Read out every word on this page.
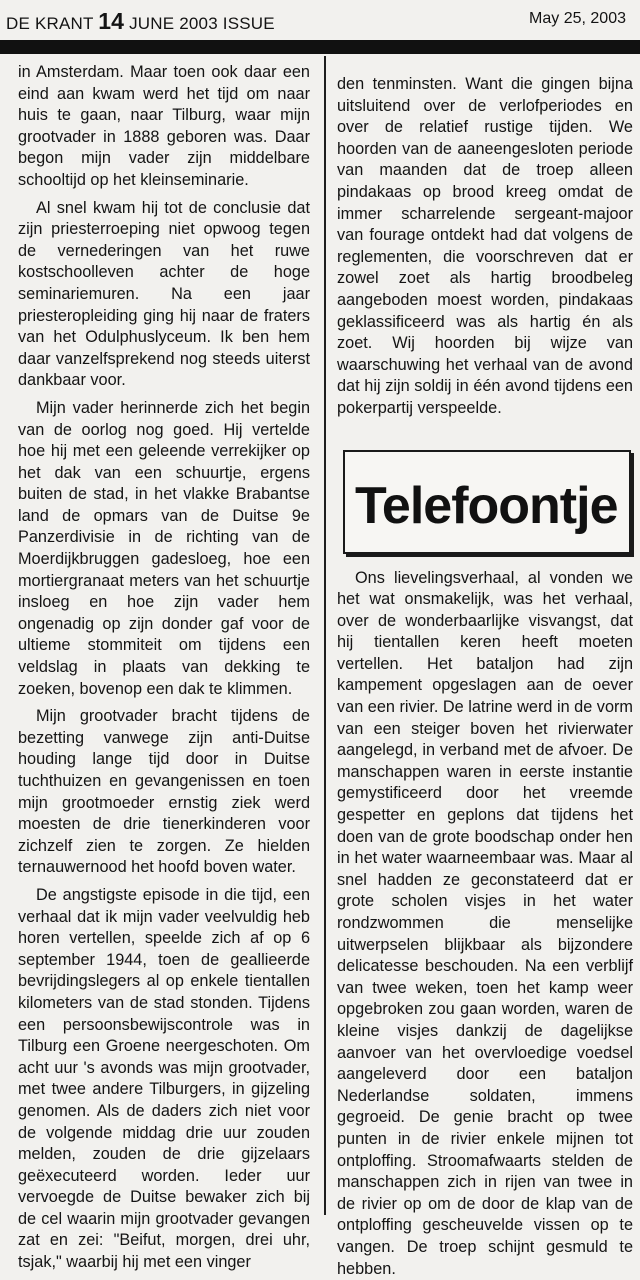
DE KRANT 14 JUNE 2003 ISSUE	May 25, 2003

in Amsterdam. Maar toen ook daar een eind aan kwam werd het tijd om naar huis te gaan, naar Tilburg, waar mijn grootvader in 1888 geboren was. Daar begon mijn vader zijn middelbare schooltijd op het kleinseminarie.

Al snel kwam hij tot de conclusie dat zijn priesterroeping niet opwoog tegen de vernederingen van het ruwe kostschoolleven achter de hoge seminariemuren. Na een jaar priesteropleiding ging hij naar de fraters van het Odulphuslyceum. Ik ben hem daar vanzelfsprekend nog steeds uiterst dankbaar voor.

Mijn vader herinnerde zich het begin van de oorlog nog goed. Hij vertelde hoe hij met een geleende verrekijker op het dak van een schuurtje, ergens buiten de stad, in het vlakke Brabantse land de opmars van de Duitse 9e Panzerdivisie in de richting van de Moerdijkbruggen gadesloeg, hoe een mortiergranaat meters van het schuurtje insloeg en hoe zijn vader hem ongenadig op zijn donder gaf voor de ultieme stommiteit om tijdens een veldslag in plaats van dekking te zoeken, bovenop een dak te klimmen.

Mijn grootvader bracht tijdens de bezetting vanwege zijn anti-Duitse houding lange tijd door in Duitse tuchthuizen en gevangenissen en toen mijn grootmoeder ernstig ziek werd moesten de drie tienerkinderen voor zichzelf zien te zorgen. Ze hielden ternauwernood het hoofd boven water.

De angstigste episode in die tijd, een verhaal dat ik mijn vader veelvuldig heb horen vertellen, speelde zich af op 6 september 1944, toen de geallieerde bevrijdingslegers al op enkele tientallen kilometers van de stad stonden. Tijdens een persoonsbewijscontrole was in Tilburg een Groene neergeschoten. Om acht uur 's avonds was mijn grootvader, met twee andere Tilburgers, in gijzeling genomen. Als de daders zich niet voor de volgende middag drie uur zouden melden, zouden de drie gijzelaars geëxecuteerd worden. Ieder uur vervoegde de Duitse bewaker zich bij de cel waarin mijn grootvader gevangen zat en zei: "Beifut, morgen, drei uhr, tsjak," waarbij hij met een vinger

den tenminsten. Want die gingen bijna uitsluitend over de verlofperiodes en over de relatief rustige tijden. We hoorden van de aaneengesloten periode van maanden dat de troep alleen pindakaas op brood kreeg omdat de immer scharrelende sergeant-majoor van fourage ontdekt had dat volgens de reglementen, die voorschreven dat er zowel zoet als hartig broodbeleg aangeboden moest worden, pindakaas geklassificeerd was als hartig én als zoet. Wij hoorden bij wijze van waarschuwing het verhaal van de avond dat hij zijn soldij in één avond tijdens een pokerpartij verspeelde.

Telefoontje

Ons lievelingsverhaal, al vonden we het wat onsmakelijk, was het verhaal, over de wonderbaarlijke visvangst, dat hij tientallen keren heeft moeten vertellen. Het bataljon had zijn kampement opgeslagen aan de oever van een rivier. De latrine werd in de vorm van een steiger boven het rivierwater aangelegd, in verband met de afvoer. De manschappen waren in eerste instantie gemystificeerd door het vreemde gespetter en geplons dat tijdens het doen van de grote boodschap onder hen in het water waarneembaar was. Maar al snel hadden ze geconstateerd dat er grote scholen visjes in het water rondzwommen die menselijke uitwerpselen blijkbaar als bijzondere delicatesse beschouden. Na een verblijf van twee weken, toen het kamp weer opgebroken zou gaan worden, waren de kleine visjes dankzij de dagelijkse aanvoer van het overvloedige voedsel aangeleverd door een bataljon Nederlandse soldaten, immens gegroeid. De genie bracht op twee punten in de rivier enkele mijnen tot ontploffing. Stroomafwaarts stelden de manschappen zich in rijen van twee in de rivier op om de door de klap van de ontploffing gescheuvelde vissen op te vangen. De troep schijnt gesmuld te hebben.
